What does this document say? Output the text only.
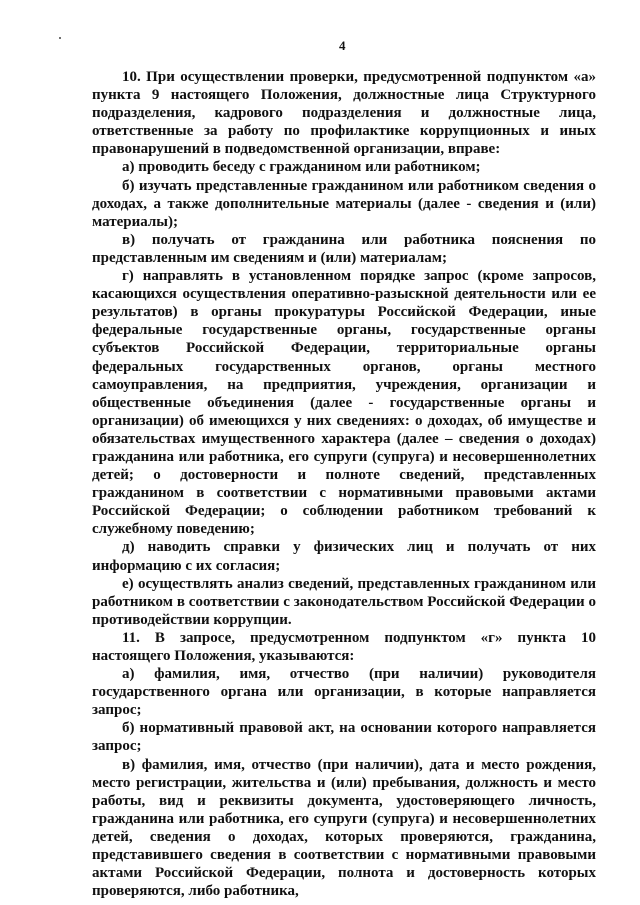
4

10. При осуществлении проверки, предусмотренной подпунктом «а» пункта 9 настоящего Положения, должностные лица Структурного подразделения, кадрового подразделения и должностные лица, ответственные за работу по профилактике коррупционных и иных правонарушений в подведомственной организации, вправе:

а) проводить беседу с гражданином или работником;

б) изучать представленные гражданином или работником сведения о доходах, а также дополнительные материалы (далее - сведения и (или) материалы);

в) получать от гражданина или работника пояснения по представленным им сведениям и (или) материалам;

г) направлять в установленном порядке запрос (кроме запросов, касающихся осуществления оперативно-разыскной деятельности или ее результатов) в органы прокуратуры Российской Федерации, иные федеральные государственные органы, государственные органы субъектов Российской Федерации, территориальные органы федеральных государственных органов, органы местного самоуправления, на предприятия, учреждения, организации и общественные объединения (далее - государственные органы и организации) об имеющихся у них сведениях: о доходах, об имуществе и обязательствах имущественного характера (далее – сведения о доходах) гражданина или работника, его супруги (супруга) и несовершеннолетних детей; о достоверности и полноте сведений, представленных гражданином в соответствии с нормативными правовыми актами Российской Федерации; о соблюдении работником требований к служебному поведению;

д) наводить справки у физических лиц и получать от них информацию с их согласия;

е) осуществлять анализ сведений, представленных гражданином или работником в соответствии с законодательством Российской Федерации о противодействии коррупции.

11. В запросе, предусмотренном подпунктом «г» пункта 10 настоящего Положения, указываются:

а) фамилия, имя, отчество (при наличии) руководителя государственного органа или организации, в которые направляется запрос;

б) нормативный правовой акт, на основании которого направляется запрос;

в) фамилия, имя, отчество (при наличии), дата и место рождения, место регистрации, жительства и (или) пребывания, должность и место работы, вид и реквизиты документа, удостоверяющего личность, гражданина или работника, его супруги (супруга) и несовершеннолетних детей, сведения о доходах, которых проверяются, гражданина, представившего сведения в соответствии с нормативными правовыми актами Российской Федерации, полнота и достоверность которых проверяются, либо работника,
